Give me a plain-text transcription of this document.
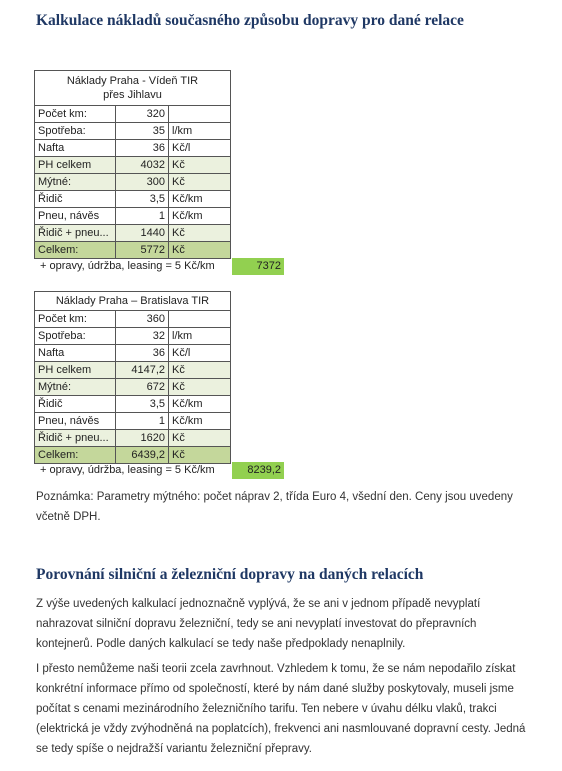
Kalkulace nákladů současného způsobu dopravy pro dané relace
Náklady Praha - Vídeň TIR
přes Jihlavu		
Počet km:	320	
Spotřeba:	35	l/km
Nafta	36	Kč/l
PH celkem	4032	Kč
Mýtné:	300	Kč
Řidič	3,5	Kč/km
Pneu, návěs	1	Kč/km
Řidič + pneu...	1440	Kč
Celkem:	5772	Kč
+ opravy, údržba, leasing = 5 Kč/km	7372
Náklady Praha – Bratislava TIR		
Počet km:	360	
Spotřeba:	32	l/km
Nafta	36	Kč/l
PH celkem	4147,2	Kč
Mýtné:	672	Kč
Řidič	3,5	Kč/km
Pneu, návěs	1	Kč/km
Řidič + pneu...	1620	Kč
Celkem:	6439,2	Kč
+ opravy, údržba, leasing = 5 Kč/km	8239,2
Poznámka: Parametry mýtného: počet náprav 2, třída Euro 4, všední den. Ceny jsou uvedeny včetně DPH.
Porovnání silniční a železniční dopravy na daných relacích
Z výše uvedených kalkulací jednoznačně vyplývá, že se ani v jednom případě nevyplatí nahrazovat silniční dopravu železniční, tedy se ani nevyplatí investovat do přepravních kontejnerů. Podle daných kalkulací se tedy naše předpoklady nenaplnily.
I přesto nemůžeme naši teorii zcela zavrhnout. Vzhledem k tomu, že se nám nepodařilo získat konkrétní informace přímo od společností, které by nám dané služby poskytovaly, museli jsme počítat s cenami mezinárodního železničního tarifu. Ten nebere v úvahu délku vlaků, trakci (elektrická je vždy zvýhodněná na poplatcích), frekvenci ani nasmlouvané dopravní cesty. Jedná se tedy spíše o nejdražší variantu železniční přepravy.
